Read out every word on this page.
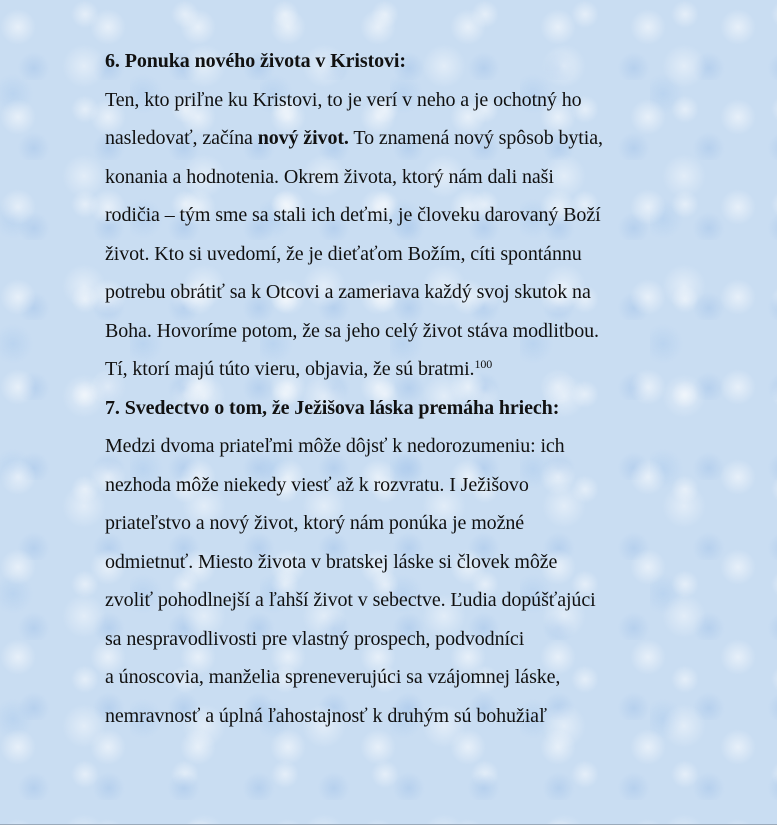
6. Ponuka nového života v Kristovi:
Ten, kto priľne ku Kristovi, to je verí v neho a je ochotný ho
nasledovať, začína nový život. To znamená nový spôsob bytia,
konania a hodnotenia. Okrem života, ktorý nám dali naši
rodičia – tým sme sa stali ich deťmi, je človeku darovaný Boží
život. Kto si uvedomí, že je dieťaťom Božím, cíti spontánnu
potrebu obrátiť sa k Otcovi a zameriava každý svoj skutok na
Boha. Hovoríme potom, že sa jeho celý život stáva modlitbou.
Tí, ktorí majú túto vieru, objavia, že sú bratmi.$^{100}$
7. Svedectvo o tom, že Ježišova láska premáha hriech:
Medzi dvoma priateľmi môže dôjsť k nedorozumeniu: ich
nezhoda môže niekedy viesť až k rozvratu. I Ježišovo
priateľstvo a nový život, ktorý nám ponúka je možné
odmietnuť. Miesto života v bratskej láske si človek môže
zvoliť pohodlnejší a ľahší život v sebectve. Ľudia dopúšťajúci
sa nespravodlivosti pre vlastný prospech, podvodníci
a únoscovia, manželia spreneverujúci sa vzájomnej láske,
nemravnosť a úplná ľahostajnosť k druhým sú bohužiaľ
